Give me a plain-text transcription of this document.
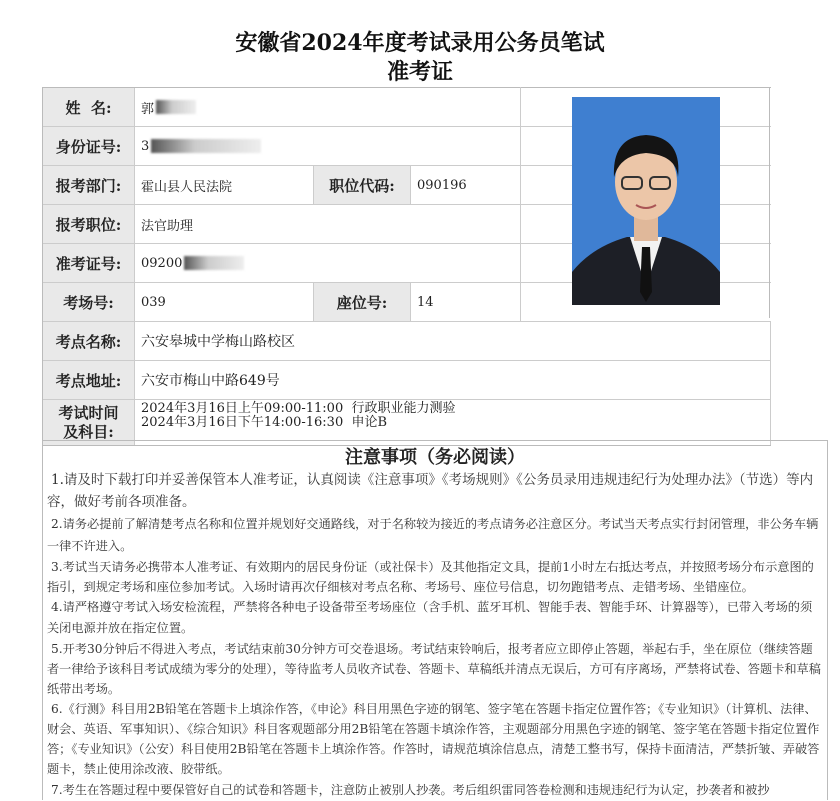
安徽省2024年度考试录用公务员笔试
准考证
姓  名:	郭
身份证号:	3
报考部门:	霍山县人民法院	职位代码:	090196
报考职位:	法官助理
准考证号:	09200
考场号:	039	座位号:	14
考点名称:	六安皋城中学梅山路校区
考点地址:	六安市梅山中路649号
考试时间
及科目:
2024年3月16日上午09:00-11:00  行政职业能力测验
2024年3月16日下午14:00-16:30  申论B
注意事项（务必阅读）

1.请及时下载打印并妥善保管本人准考证，认真阅读《注意事项》《考场规则》《公务员录用违规违纪行为处理办法》（节选）等内容，做好考前各项准备。

2.请务必提前了解清楚考点名称和位置并规划好交通路线，对于名称较为接近的考点请务必注意区分。考试当天考点实行封闭管理，非公务车辆一律不许进入。

3.考试当天请务必携带本人准考证、有效期内的居民身份证（或社保卡）及其他指定文具，提前1小时左右抵达考点，并按照考场分布示意图的指引，到规定考场和座位参加考试。入场时请再次仔细核对考点名称、考场号、座位号信息，切勿跑错考点、走错考场、坐错座位。

4.请严格遵守考试入场安检流程，严禁将各种电子设备带至考场座位（含手机、蓝牙耳机、智能手表、智能手环、计算器等），已带入考场的须关闭电源并放在指定位置。

5.开考30分钟后不得进入考点，考试结束前30分钟方可交卷退场。考试结束铃响后，报考者应立即停止答题，举起右手，坐在原位（继续答题者一律给予该科目考试成绩为零分的处理），等待监考人员收齐试卷、答题卡、草稿纸并清点无误后，方可有序离场，严禁将试卷、答题卡和草稿纸带出考场。

6.《行测》科目用2B铅笔在答题卡上填涂作答，《申论》科目用黑色字迹的钢笔、签字笔在答题卡指定位置作答；《专业知识》（计算机、法律、财会、英语、军事知识）、《综合知识》科目客观题部分用2B铅笔在答题卡填涂作答，主观题部分用黑色字迹的钢笔、签字笔在答题卡指定位置作答；《专业知识》（公安）科目使用2B铅笔在答题卡上填涂作答。作答时，请规范填涂信息点，清楚工整书写，保持卡面清洁，严禁折皱、弄破答题卡，禁止使用涂改液、胶带纸。

7.考生在答题过程中要保管好自己的试卷和答题卡，注意防止被别人抄袭。考后组织雷同答卷检测和违规违纪行为认定，抄袭者和被抄
